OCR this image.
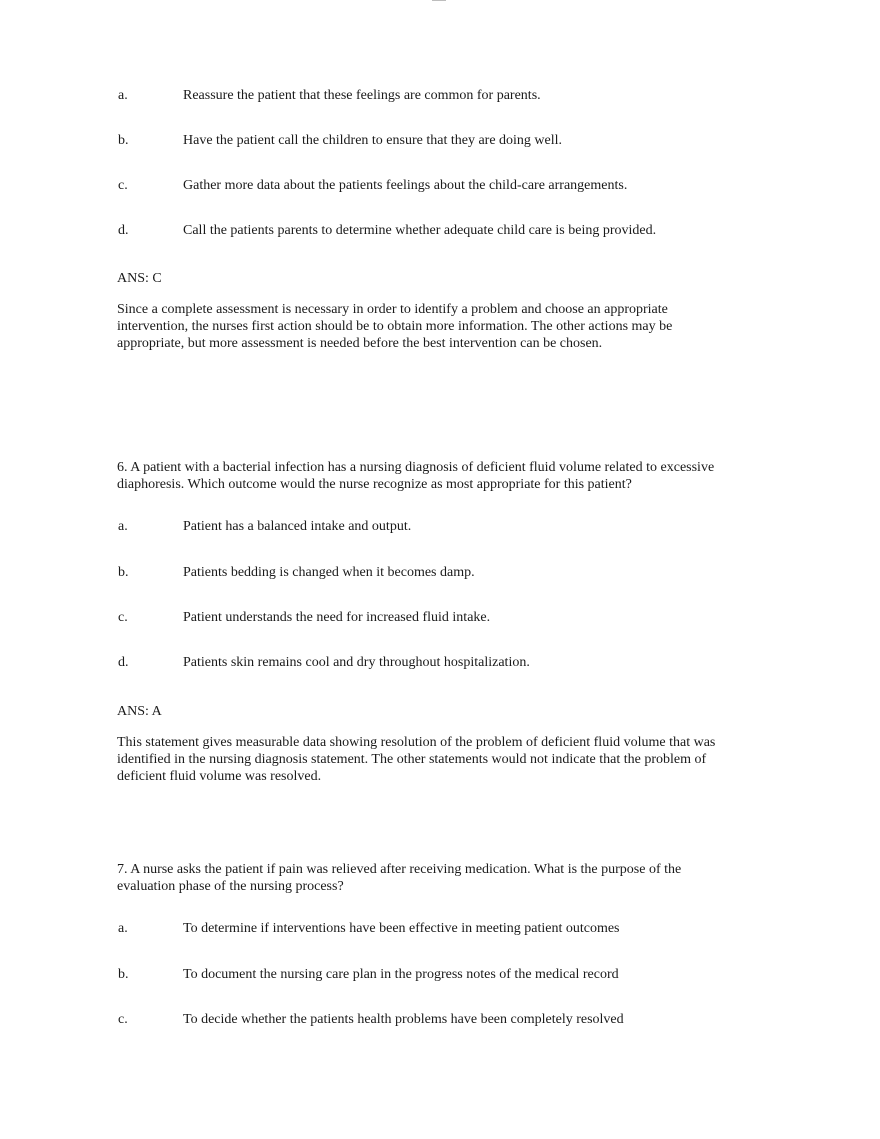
a.	Reassure the patient that these feelings are common for parents.
b.	Have the patient call the children to ensure that they are doing well.
c.	Gather more data about the patients feelings about the child-care arrangements.
d.	Call the patients parents to determine whether adequate child care is being provided.
ANS: C
Since a complete assessment is necessary in order to identify a problem and choose an appropriate
intervention, the nurses first action should be to obtain more information. The other actions may be
appropriate, but more assessment is needed before the best intervention can be chosen.
6. A patient with a bacterial infection has a nursing diagnosis of deficient fluid volume related to excessive
diaphoresis. Which outcome would the nurse recognize as most appropriate for this patient?
a.	Patient has a balanced intake and output.
b.	Patients bedding is changed when it becomes damp.
c.	Patient understands the need for increased fluid intake.
d.	Patients skin remains cool and dry throughout hospitalization.
ANS: A
This statement gives measurable data showing resolution of the problem of deficient fluid volume that was
identified in the nursing diagnosis statement. The other statements would not indicate that the problem of
deficient fluid volume was resolved.
7. A nurse asks the patient if pain was relieved after receiving medication. What is the purpose of the
evaluation phase of the nursing process?
a.	To determine if interventions have been effective in meeting patient outcomes
b.	To document the nursing care plan in the progress notes of the medical record
c.	To decide whether the patients health problems have been completely resolved
